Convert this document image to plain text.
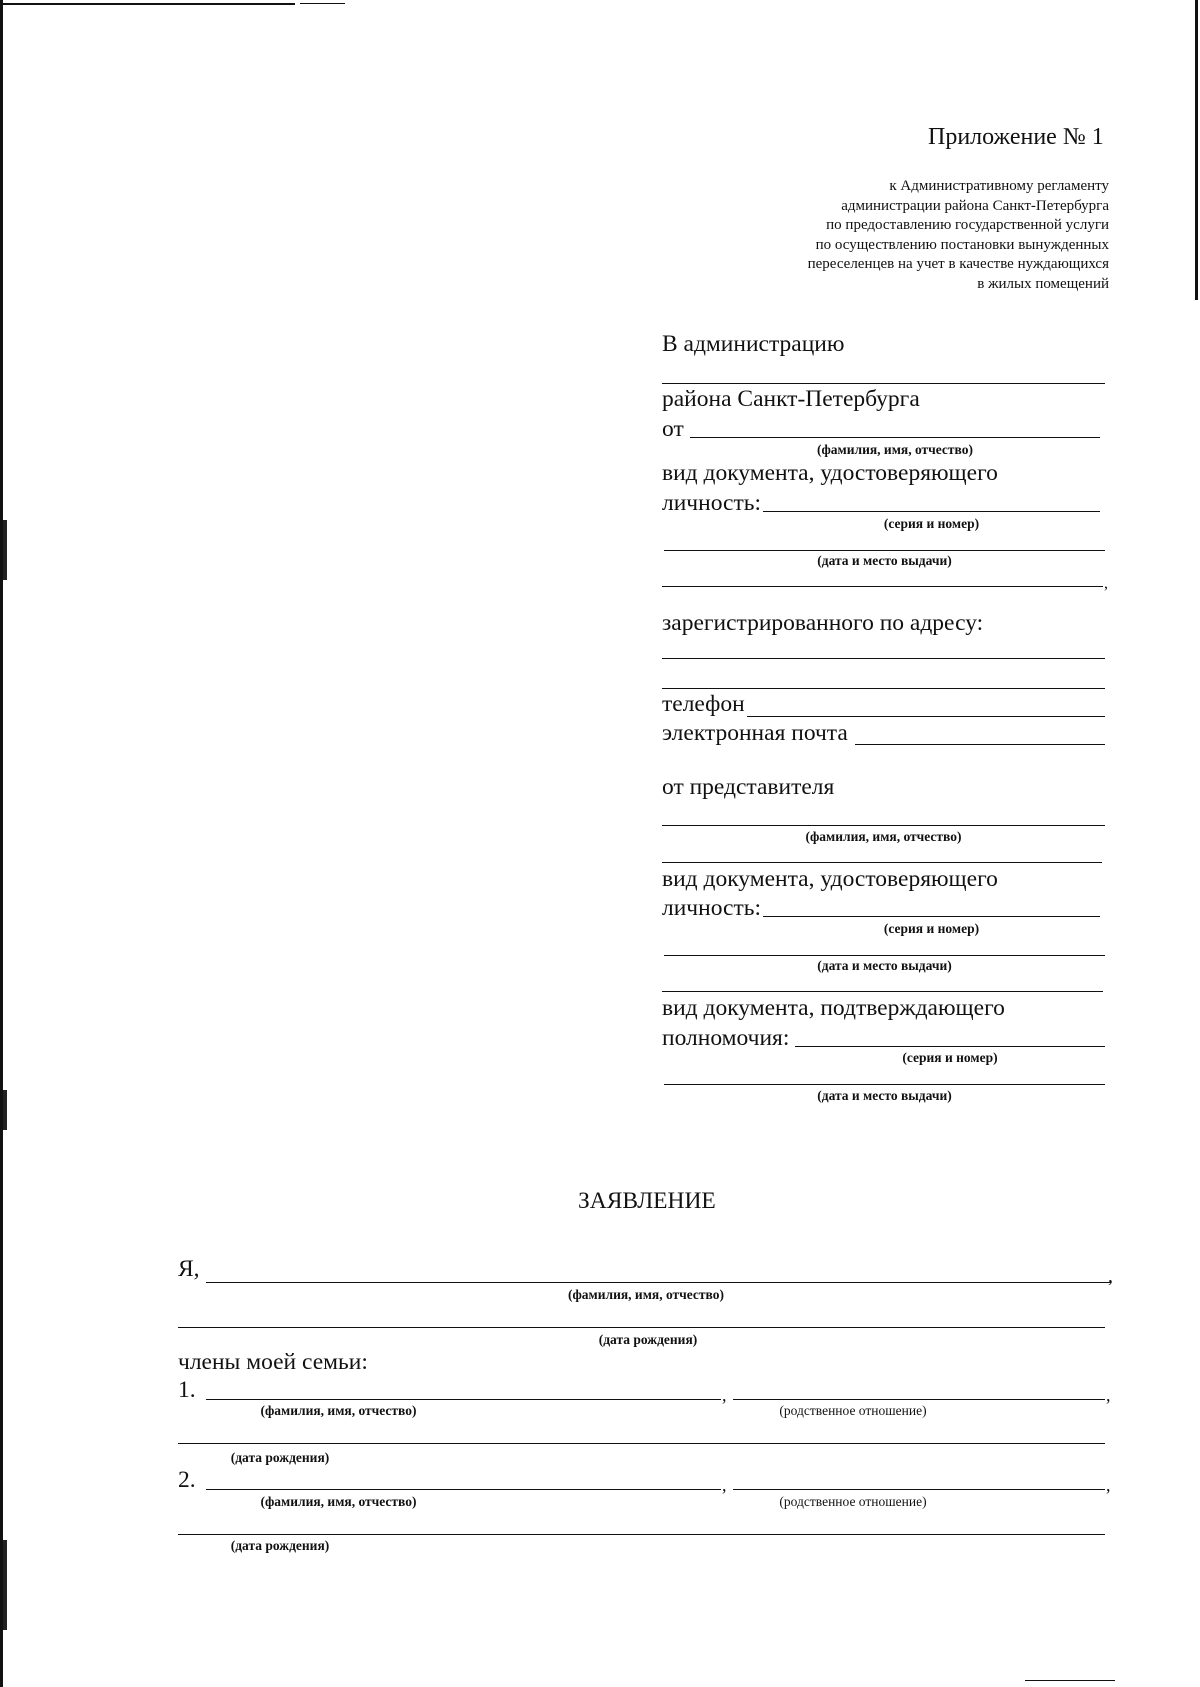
Приложение № 1
к Административному регламенту
администрации района Санкт-Петербурга
по предоставлению государственной услуги
по осуществлению постановки вынужденных
переселенцев на учет в качестве нуждающихся
в жилых помещений
В администрацию
района Санкт-Петербурга
от
(фамилия, имя, отчество)
вид документа, удостоверяющего
личность:
(серия и номер)
(дата и место выдачи)
,
зарегистрированного по адресу:
телефон
электронная почта
от представителя
(фамилия, имя, отчество)
вид документа, удостоверяющего
личность:
(серия и номер)
(дата и место выдачи)
вид документа, подтверждающего
полномочия:
(серия и номер)
(дата и место выдачи)
ЗАЯВЛЕНИЕ
Я,	,
(фамилия, имя, отчество)
(дата рождения)
члены моей семьи:
1.	,	,
(фамилия, имя, отчество)	(родственное отношение)
(дата рождения)
2.	,	,
(фамилия, имя, отчество)	(родственное отношение)
(дата рождения)
